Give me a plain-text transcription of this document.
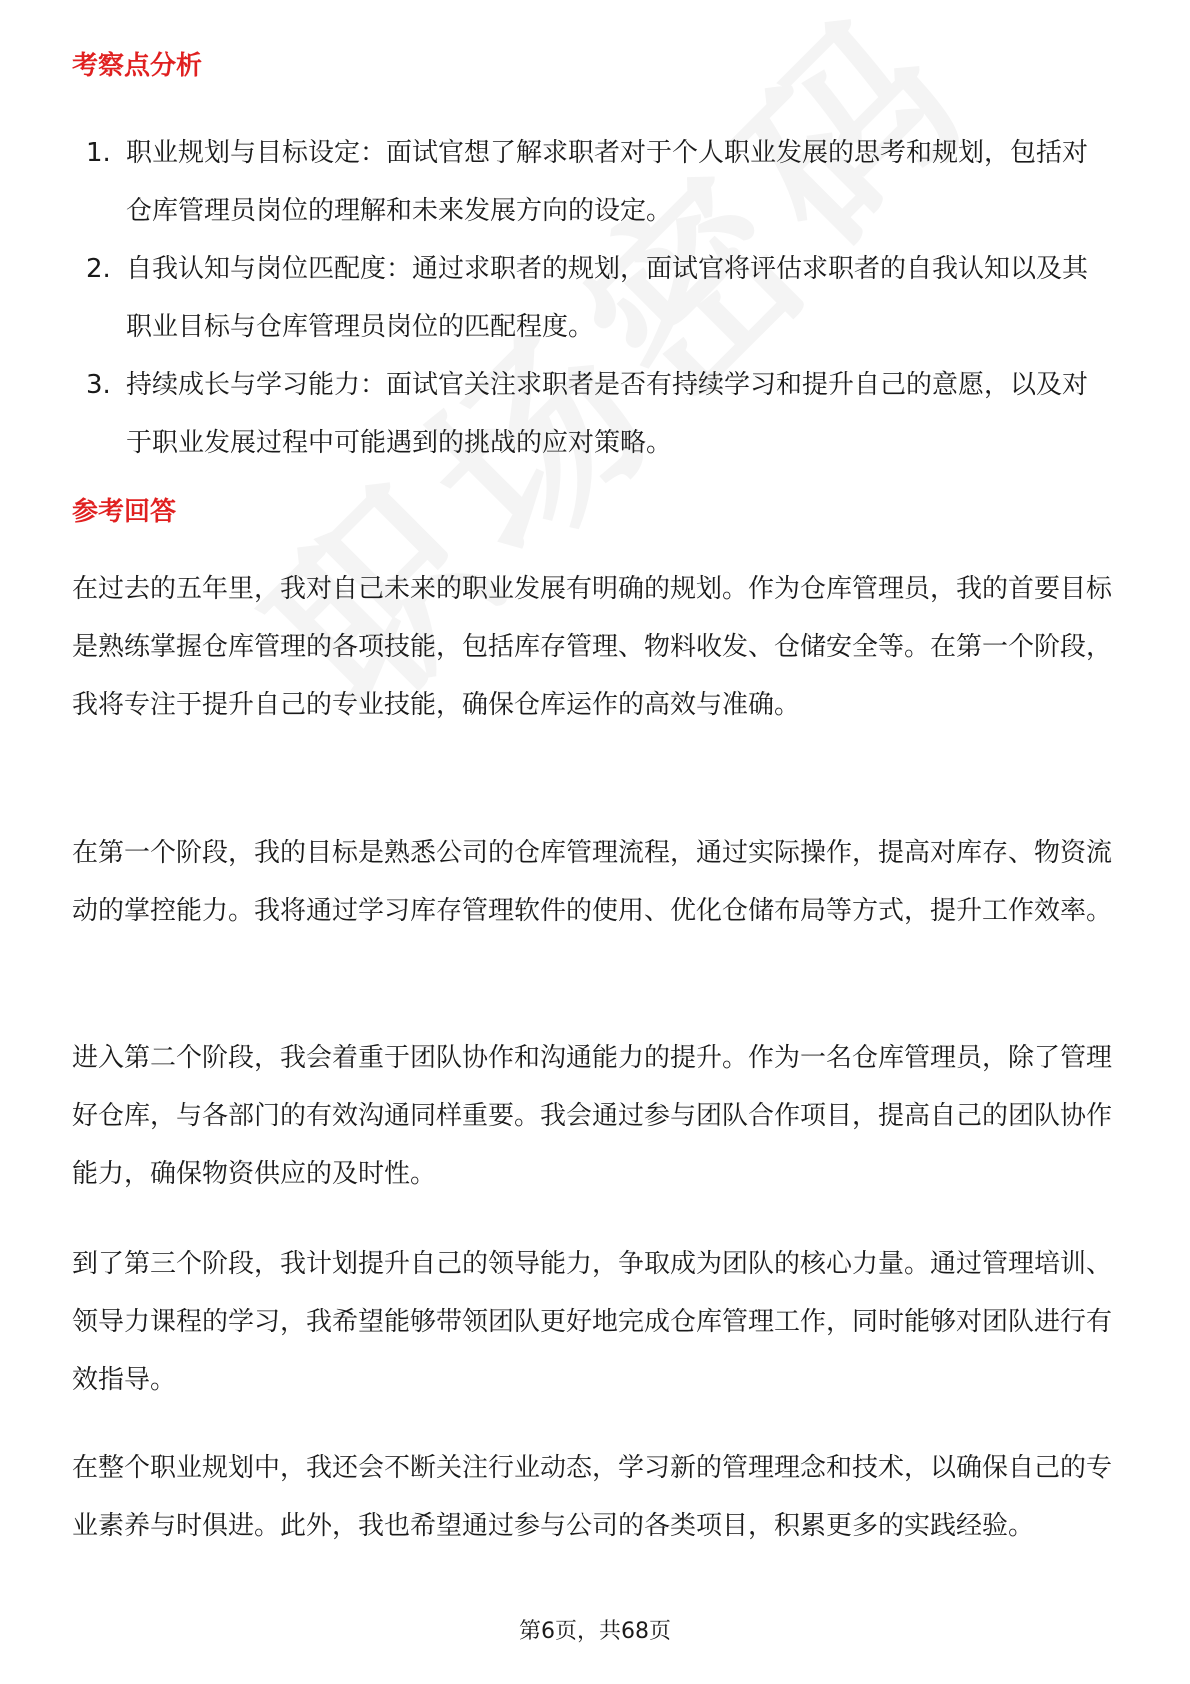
考察点分析
1. 职业规划与目标设定：面试官想了解求职者对于个人职业发展的思考和规划，包括对仓库管理员岗位的理解和未来发展方向的设定。
2. 自我认知与岗位匹配度：通过求职者的规划，面试官将评估求职者的自我认知以及其职业目标与仓库管理员岗位的匹配程度。
3. 持续成长与学习能力：面试官关注求职者是否有持续学习和提升自己的意愿，以及对于职业发展过程中可能遇到的挑战的应对策略。
参考回答

在过去的五年里，我对自己未来的职业发展有明确的规划。作为仓库管理员，我的首要目标是熟练掌握仓库管理的各项技能，包括库存管理、物料收发、仓储安全等。在第一个阶段，我将专注于提升自己的专业技能，确保仓库运作的高效与准确。

在第一个阶段，我的目标是熟悉公司的仓库管理流程，通过实际操作，提高对库存、物资流动的掌控能力。我将通过学习库存管理软件的使用、优化仓储布局等方式，提升工作效率。

进入第二个阶段，我会着重于团队协作和沟通能力的提升。作为一名仓库管理员，除了管理好仓库，与各部门的有效沟通同样重要。我会通过参与团队合作项目，提高自己的团队协作能力，确保物资供应的及时性。

到了第三个阶段，我计划提升自己的领导能力，争取成为团队的核心力量。通过管理培训、领导力课程的学习，我希望能够带领团队更好地完成仓库管理工作，同时能够对团队进行有效指导。

在整个职业规划中，我还会不断关注行业动态，学习新的管理理念和技术，以确保自己的专业素养与时俱进。此外，我也希望通过参与公司的各类项目，积累更多的实践经验。

第6页，共68页
